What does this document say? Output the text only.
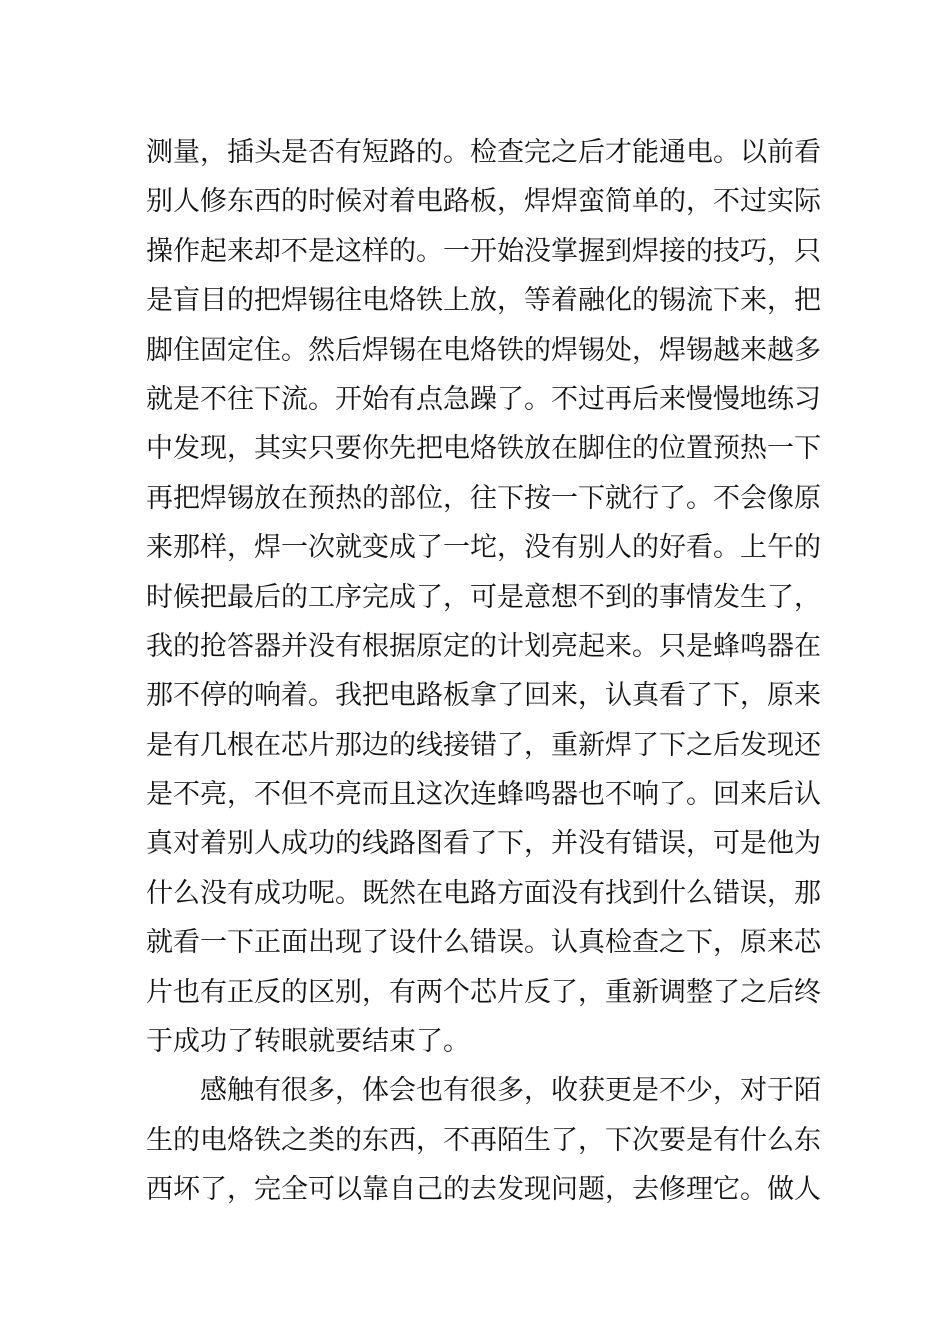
测量，插头是否有短路的。检查完之后才能通电。以前看
别人修东西的时候对着电路板，焊焊蛮简单的，不过实际
操作起来却不是这样的。一开始没掌握到焊接的技巧，只
是盲目的把焊锡往电烙铁上放，等着融化的锡流下来，把
脚住固定住。然后焊锡在电烙铁的焊锡处，焊锡越来越多
就是不往下流。开始有点急躁了。不过再后来慢慢地练习
中发现，其实只要你先把电烙铁放在脚住的位置预热一下
再把焊锡放在预热的部位，往下按一下就行了。不会像原
来那样，焊一次就变成了一坨，没有别人的好看。上午的
时候把最后的工序完成了，可是意想不到的事情发生了，
我的抢答器并没有根据原定的计划亮起来。只是蜂鸣器在
那不停的响着。我把电路板拿了回来，认真看了下，原来
是有几根在芯片那边的线接错了，重新焊了下之后发现还
是不亮，不但不亮而且这次连蜂鸣器也不响了。回来后认
真对着别人成功的线路图看了下，并没有错误，可是他为
什么没有成功呢。既然在电路方面没有找到什么错误，那
就看一下正面出现了设什么错误。认真检查之下，原来芯
片也有正反的区别，有两个芯片反了，重新调整了之后终
于成功了转眼就要结束了。
感触有很多，体会也有很多，收获更是不少，对于陌
生的电烙铁之类的东西，不再陌生了，下次要是有什么东
西坏了，完全可以靠自己的去发现问题，去修理它。做人
